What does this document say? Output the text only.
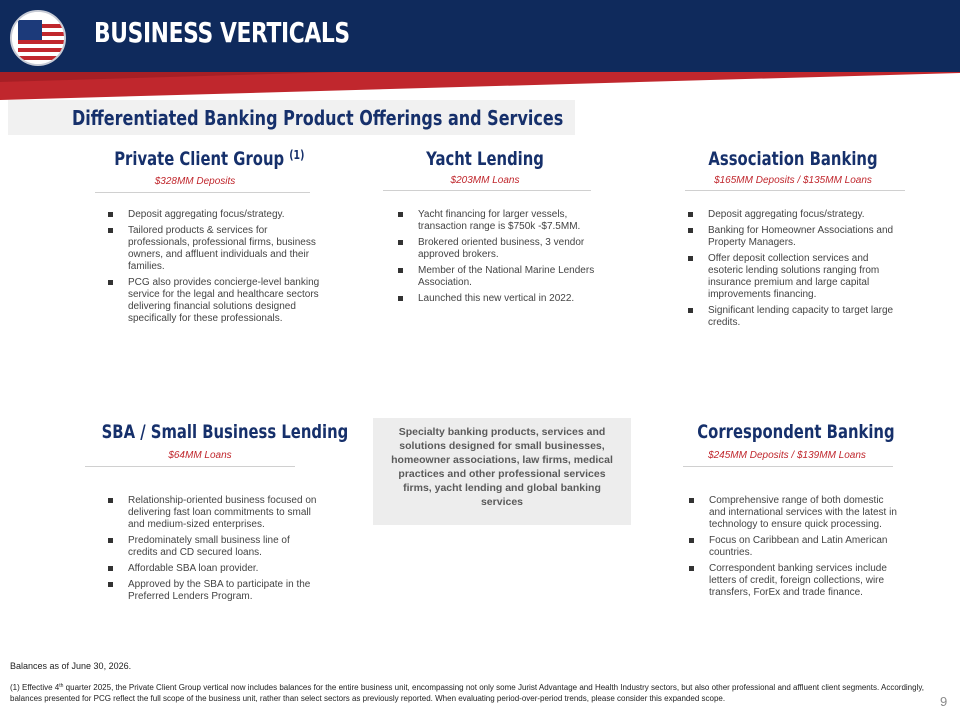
BUSINESS VERTICALS
Differentiated Banking Product Offerings and Services
Private Client Group $^{(1)}$
$328MM Deposits
Deposit aggregating focus/strategy.
Tailored products & services for professionals, professional firms, business owners, and affluent individuals and their families.
PCG also provides concierge-level banking service for the legal and healthcare sectors delivering financial solutions designed specifically for these professionals.
Yacht Lending
$203MM Loans
Yacht financing for larger vessels, transaction range is $750k -$7.5MM.
Brokered oriented business, 3 vendor approved brokers.
Member of the National Marine Lenders Association.
Launched this new vertical in 2022.
Association Banking
$165MM Deposits / $135MM Loans
Deposit aggregating focus/strategy.
Banking for Homeowner Associations and Property Managers.
Offer deposit collection services and esoteric lending solutions ranging from insurance premium and large capital improvements financing.
Significant lending capacity to target large credits.
SBA / Small Business Lending
$64MM Loans
Relationship-oriented business focused on delivering fast loan commitments to small and medium-sized enterprises.
Predominately small business line of credits and CD secured loans.
Affordable SBA loan provider.
Approved by the SBA to participate in the Preferred Lenders Program.
Specialty banking products, services and solutions designed for small businesses, homeowner associations, law firms, medical practices and other professional services firms, yacht lending and global banking services
Correspondent Banking
$245MM Deposits / $139MM Loans
Comprehensive range of both domestic and international services with the latest in technology to ensure quick processing.
Focus on Caribbean and Latin American countries.
Correspondent banking services include letters of credit, foreign collections, wire transfers, ForEx and trade finance.
Balances as of June 30, 2026.
(1) Effective 4th quarter 2025, the Private Client Group vertical now includes balances for the entire business unit, encompassing not only some Jurist Advantage and Health Industry sectors, but also other professional and affluent client segments. Accordingly, balances presented for PCG reflect the full scope of the business unit, rather than select sectors as previously reported. When evaluating period-over-period trends, please consider this expanded scope.	9
